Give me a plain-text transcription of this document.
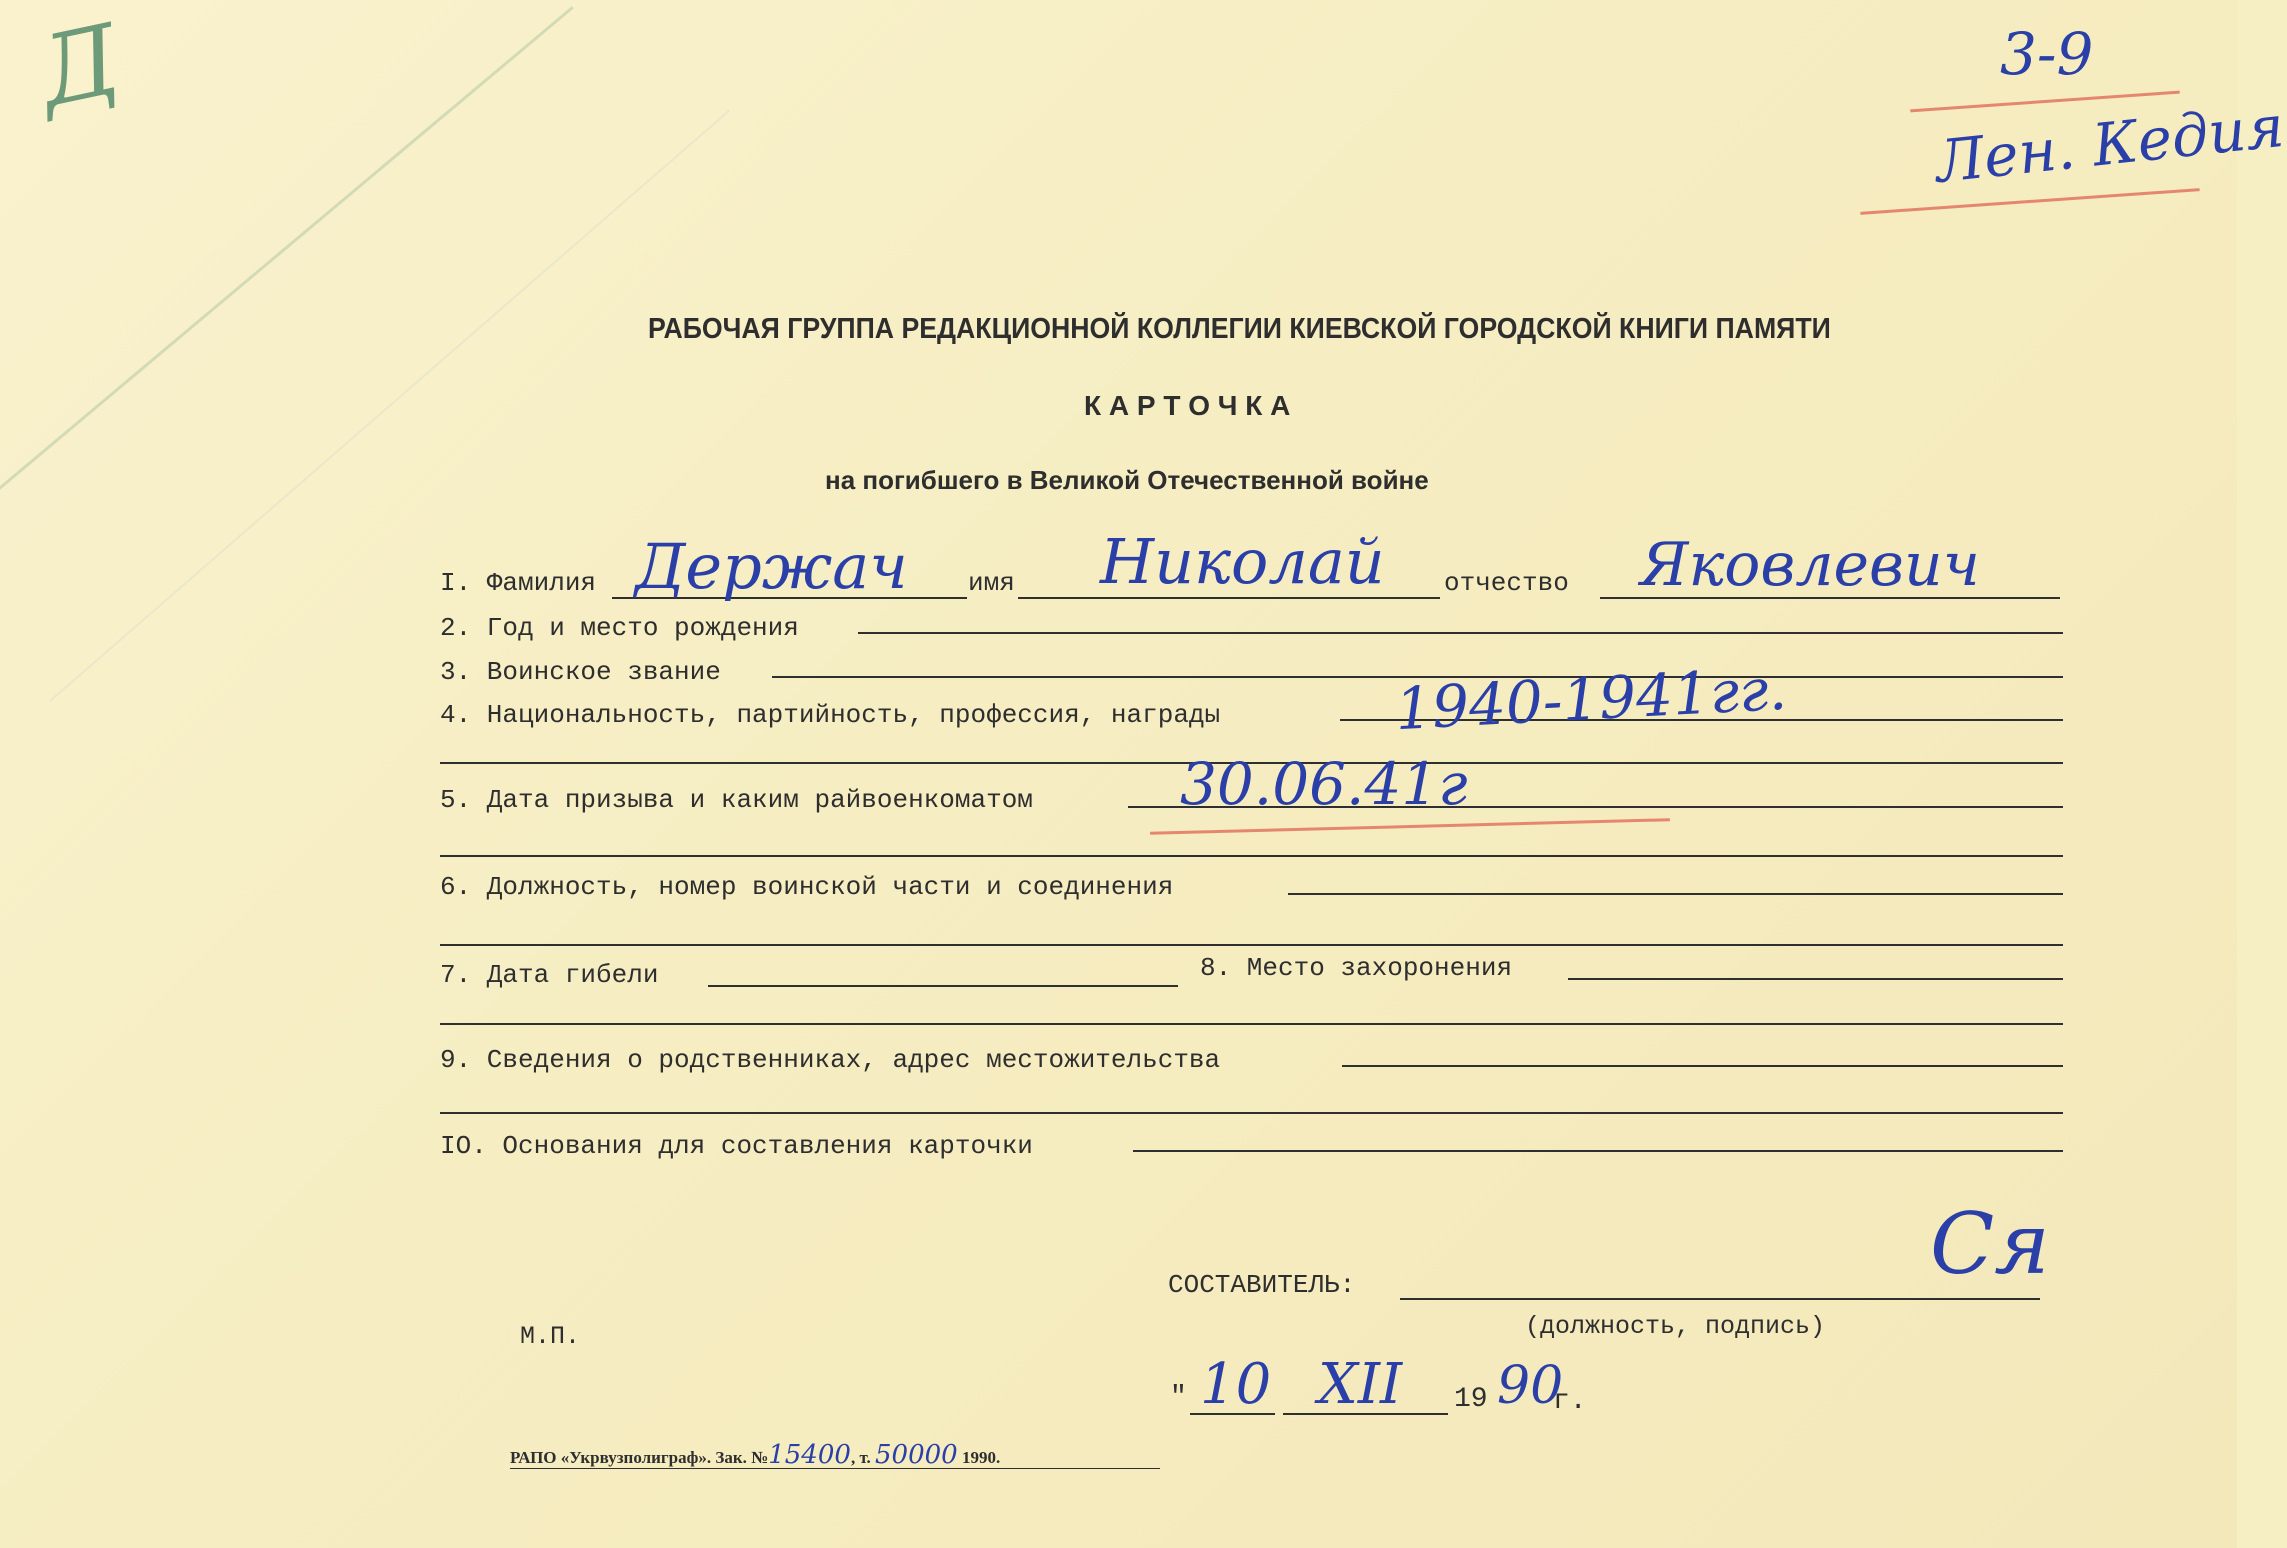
Д	3-9
Лен. Кедия
РАБОЧАЯ ГРУППА РЕДАКЦИОННОЙ КОЛЛЕГИИ КИЕВСКОЙ ГОРОДСКОЙ КНИГИ ПАМЯТИ
К А Р Т О Ч К А
на погибшего в Великой Отечественной войне
I. Фамилия Держач имя Николай отчество Яковлевич
2. Год и место рождения
3. Воинское звание
4. Национальность, партийность, профессия, награды	1940-1941гг.
5. Дата призыва и каким райвоенкоматом	30.06.41г
6. Должность, номер воинской части и соединения
7. Дата гибели	8. Место захоронения
9. Сведения о родственниках, адрес местожительства
IO. Основания для составления карточки
СОСТАВИТЕЛЬ:	Ся
(должность, подпись)
М.П.
" 10 XII 19 90
г.
РАПО «Укрвузполиграф». Зак. №15400, т. 50000 1990.
